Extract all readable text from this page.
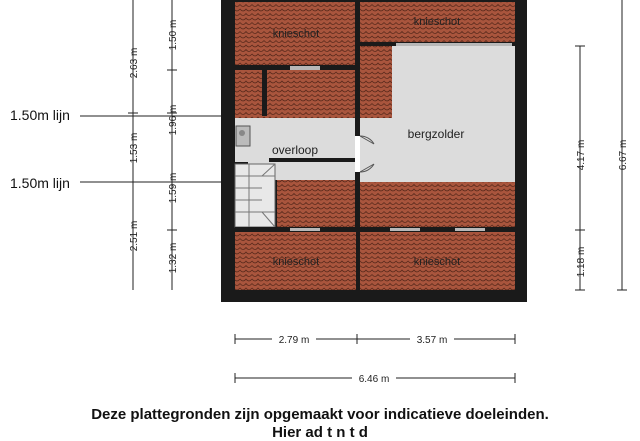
knieschot
knieschot
overloop
bergzolder
knieschot	knieschot
2.63 m
1.53 m
2.51 m
1.50 m
1.96 m
1.59 m
1.32 m
1.50m lijn
1.50m lijn
4.17 m
1.18 m
6.67 m
2.79 m	3.57 m
6.46 m
Deze plattegronden zijn opgemaakt voor indicatieve doeleinden.
Hier ad t n t d
